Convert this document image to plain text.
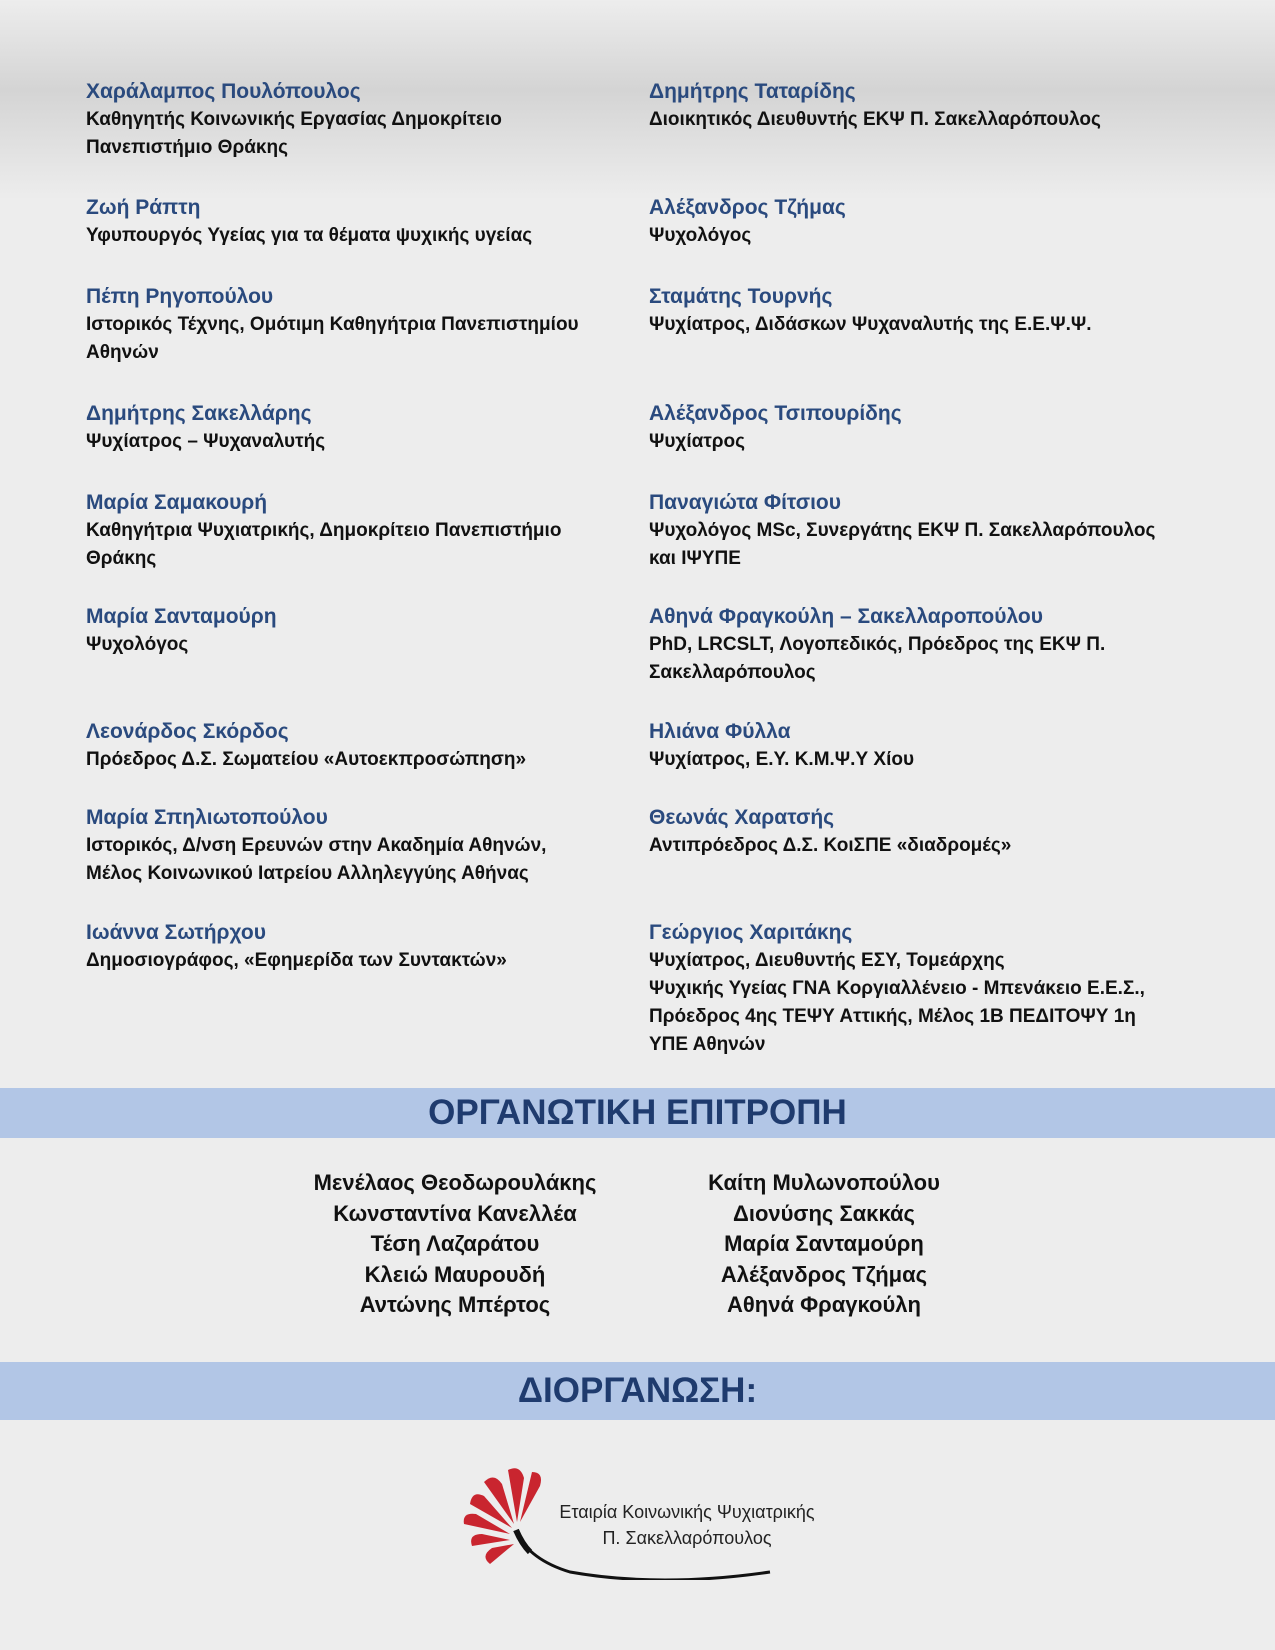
Χαράλαμπος Πουλόπουλος
Καθηγητής Κοινωνικής Εργασίας Δημοκρίτειο
Πανεπιστήμιο Θράκης
Ζωή Ράπτη
Υφυπουργός Υγείας για τα θέματα ψυχικής υγείας
Πέπη Ρηγοπούλου
Ιστορικός Τέχνης, Ομότιμη Καθηγήτρια Πανεπιστημίου
Αθηνών
Δημήτρης Σακελλάρης
Ψυχίατρος – Ψυχαναλυτής
Μαρία Σαμακουρή
Καθηγήτρια Ψυχιατρικής, Δημοκρίτειο Πανεπιστήμιο
Θράκης
Μαρία Σανταμούρη
Ψυχολόγος
Λεονάρδος Σκόρδος
Πρόεδρος Δ.Σ. Σωματείου «Αυτοεκπροσώπηση»
Μαρία Σπηλιωτοπούλου
Ιστορικός, Δ/νση Ερευνών στην Ακαδημία Αθηνών,
Μέλος Κοινωνικού Ιατρείου Αλληλεγγύης Αθήνας
Ιωάννα Σωτήρχου
Δημοσιογράφος, «Εφημερίδα των Συντακτών»
Δημήτρης Ταταρίδης
Διοικητικός Διευθυντής ΕΚΨ Π. Σακελλαρόπουλος
Αλέξανδρος Τζήμας
Ψυχολόγος
Σταμάτης Τουρνής
Ψυχίατρος, Διδάσκων Ψυχαναλυτής της Ε.Ε.Ψ.Ψ.
Αλέξανδρος Τσιπουρίδης
Ψυχίατρος
Παναγιώτα Φίτσιου
Ψυχολόγος MSc, Συνεργάτης ΕΚΨ Π. Σακελλαρόπουλος
και ΙΨΥΠΕ
Αθηνά Φραγκούλη – Σακελλαροπούλου
PhD, LRCSLT, Λογοπεδικός, Πρόεδρος της ΕΚΨ Π.
Σακελλαρόπουλος
Ηλιάνα Φύλλα
Ψυχίατρος, Ε.Υ. Κ.Μ.Ψ.Υ Χίου
Θεωνάς Χαρατσής
Αντιπρόεδρος Δ.Σ. ΚοιΣΠΕ «διαδρομές»
Γεώργιος Χαριτάκης
Ψυχίατρος, Διευθυντής ΕΣΥ, Τομεάρχης
Ψυχικής Υγείας ΓΝΑ Κοργιαλλένειο - Μπενάκειο Ε.Ε.Σ.,
Πρόεδρος 4ης ΤΕΨΥ Αττικής, Μέλος 1Β ΠΕΔΙΤΟΨΥ 1η
ΥΠΕ Αθηνών
ΟΡΓΑΝΩΤΙΚΗ ΕΠΙΤΡΟΠΗ
Μενέλαος Θεοδωρουλάκης
Κωνσταντίνα Κανελλέα
Τέση Λαζαράτου
Κλειώ Μαυρουδή
Αντώνης Μπέρτος
Καίτη Μυλωνοπούλου
Διονύσης Σακκάς
Μαρία Σανταμούρη
Αλέξανδρος Τζήμας
Αθηνά Φραγκούλη
ΔΙΟΡΓΑΝΩΣΗ:
Εταιρία Κοινωνικής Ψυχιατρικής
Π. Σακελλαρόπουλος
